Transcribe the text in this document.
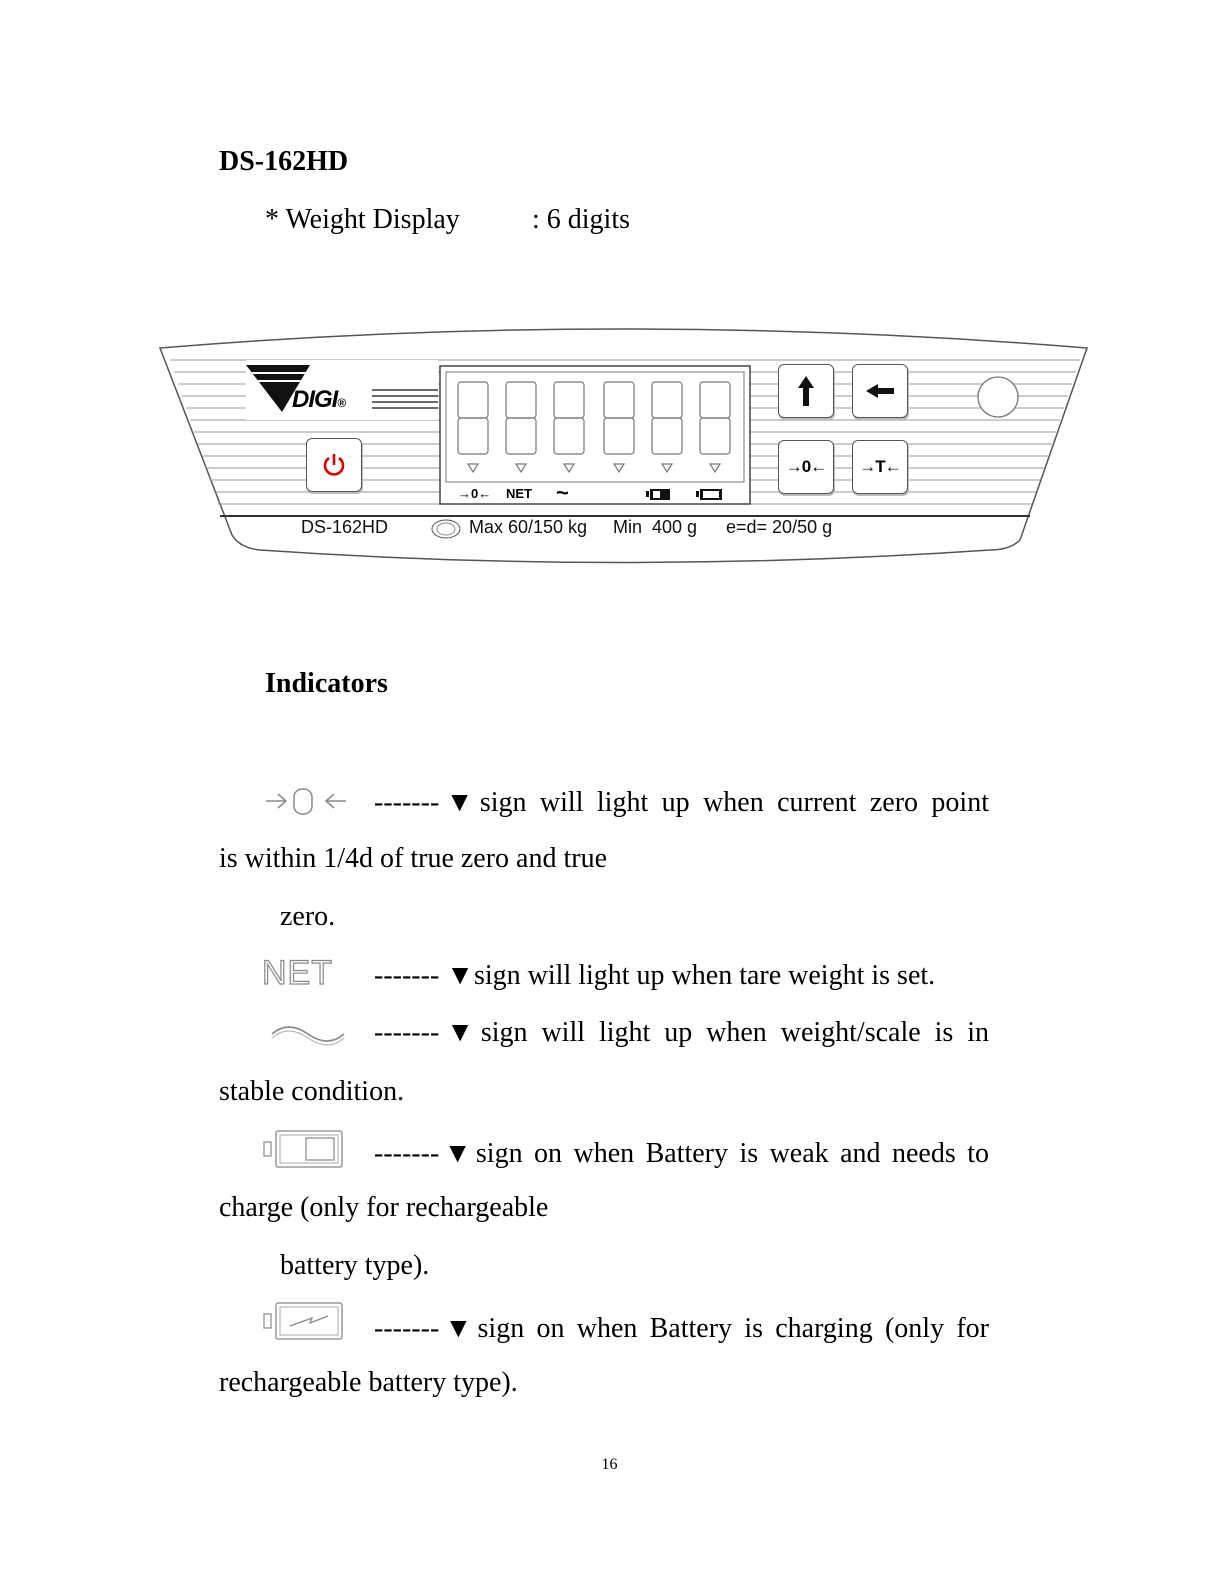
DS-162HD
* Weight Display	: 6 digits
DIGI®
→0← NET ~
→0←	→T←
DS-162HD	Max 60/150 kg Min  400 g e=d= 20/50 g
Indicators
-------▼sign will light up when current zero point
is within 1/4d of true zero and true
zero.
NET ------- ▼sign will light up when tare weight is set.
-------▼sign will light up when weight/scale is in
stable condition.
-------▼sign on when Battery is weak and needs to
charge (only for rechargeable
battery type).
-------▼sign on when Battery is charging (only for
rechargeable battery type).
16
